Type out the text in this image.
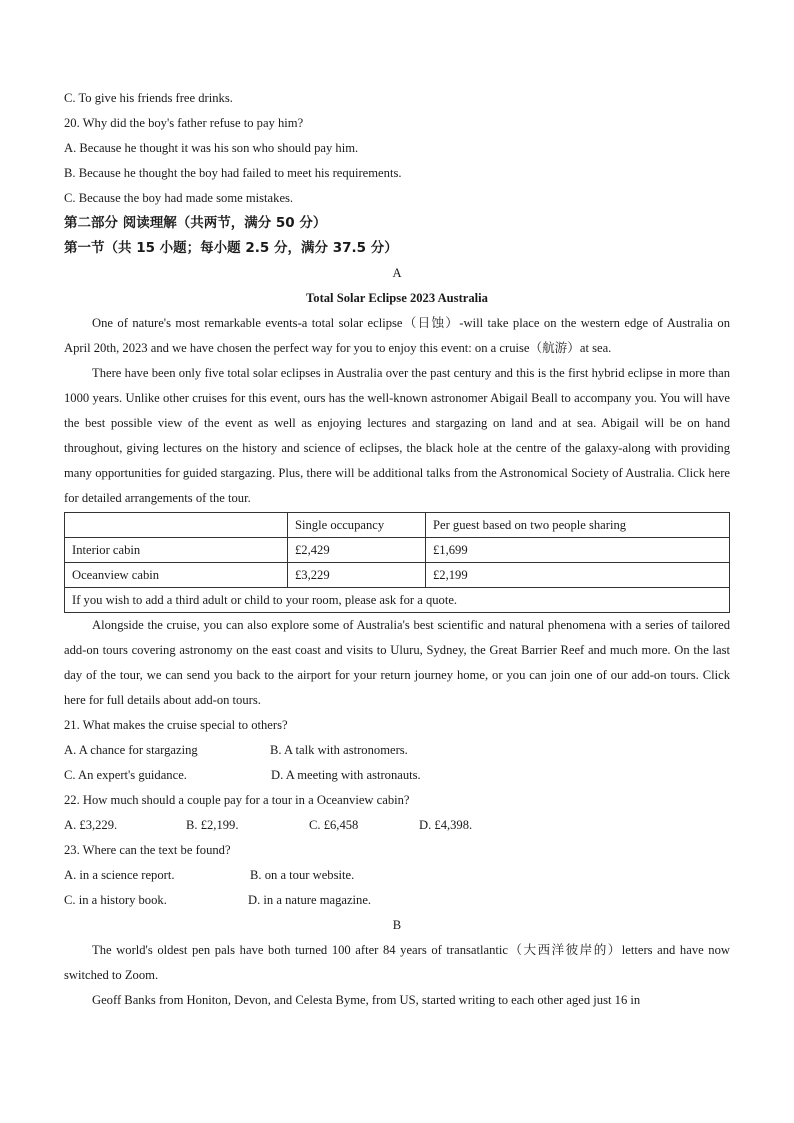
C. To give his friends free drinks.
20. Why did the boy's father refuse to pay him?
A. Because he thought it was his son who should pay him.
B. Because he thought the boy had failed to meet his requirements.
C. Because the boy had made some mistakes.
第二部分 阅读理解（共两节，满分 50 分）
第一节（共 15 小题；每小题 2.5 分，满分 37.5 分）
A
Total Solar Eclipse 2023 Australia

One of nature's most remarkable events-a total solar eclipse（日蚀）-will take place on the western edge of Australia on April 20th, 2023 and we have chosen the perfect way for you to enjoy this event: on a cruise（航游）at sea.

There have been only five total solar eclipses in Australia over the past century and this is the first hybrid eclipse in more than 1000 years. Unlike other cruises for this event, ours has the well-known astronomer Abigail Beall to accompany you. You will have the best possible view of the event as well as enjoying lectures and stargazing on land and at sea. Abigail will be on hand throughout, giving lectures on the history and science of eclipses, the black hole at the centre of the galaxy-along with providing many opportunities for guided stargazing. Plus, there will be additional talks from the Astronomical Society of Australia. Click here for detailed arrangements of the tour.

	Single occupancy	Per guest based on two people sharing
Interior cabin	£2,429	£1,699
Oceanview cabin	£3,229	£2,199
If you wish to add a third adult or child to your room, please ask for a quote.		

Alongside the cruise, you can also explore some of Australia's best scientific and natural phenomena with a series of tailored add-on tours covering astronomy on the east coast and visits to Uluru, Sydney, the Great Barrier Reef and much more. On the last day of the tour, we can send you back to the airport for your return journey home, or you can join one of our add-on tours. Click here for full details about add-on tours.

21. What makes the cruise special to others?
A. A chance for stargazing	B. A talk with astronomers.
C. An expert's guidance.	D. A meeting with astronauts.
22. How much should a couple pay for a tour in a Oceanview cabin?
A. £3,229.	B. £2,199.	C. £6,458	D. £4,398.
23. Where can the text be found?
A. in a science report.	B. on a tour website.
C. in a history book.	D. in a nature magazine.
B

The world's oldest pen pals have both turned 100 after 84 years of transatlantic（大西洋彼岸的）letters and have now switched to Zoom.

Geoff Banks from Honiton, Devon, and Celesta Byme, from US, started writing to each other aged just 16 in
